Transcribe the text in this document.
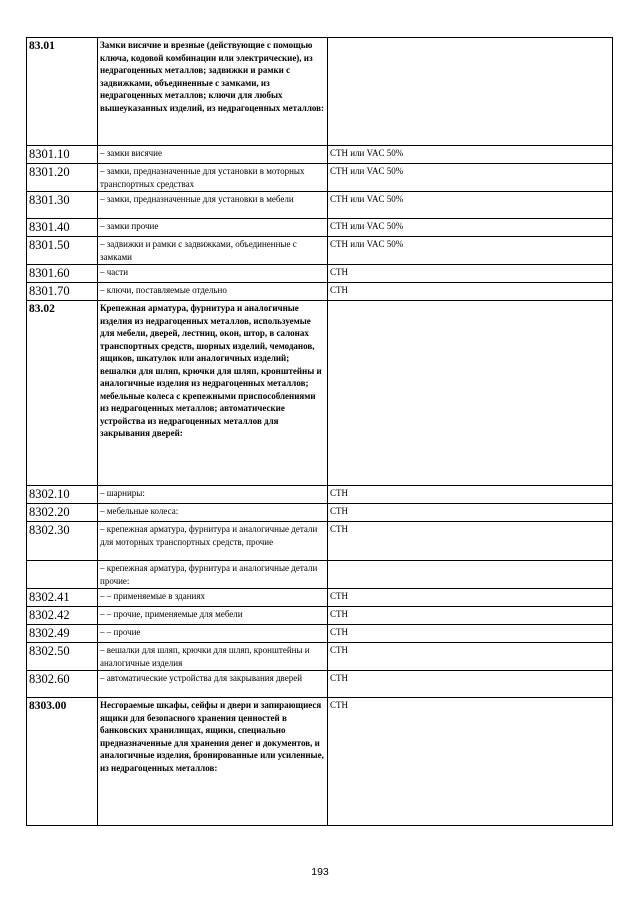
83.01	Замки висячие и врезные (действующие с помощью ключа, кодовой комбинации или электрические), из недрагоценных металлов; задвижки и рамки с задвижками, объединенные с замками, из недрагоценных металлов; ключи для любых вышеуказанных изделий, из недрагоценных металлов:	
8301.10	– замки висячие	СТН или VAC 50%
8301.20	– замки, предназначенные для установки в моторных транспортных средствах	СТН или VAC 50%
8301.30	– замки, предназначенные для установки в мебели	СТН или VAC 50%
8301.40	– замки прочие	СТН или VAC 50%
8301.50	– задвижки и рамки с задвижками, объединенные с замками	СТН или VAC 50%
8301.60	– части	СТН
8301.70	– ключи, поставляемые отдельно	СТН
83.02	Крепежная арматура, фурнитура и аналогичные изделия из недрагоценных металлов, используемые для мебели, дверей, лестниц, окон, штор, в салонах транспортных средств, шорных изделий, чемоданов, ящиков, шкатулок или аналогичных изделий; вешалки для шляп, крючки для шляп, кронштейны и аналогичные изделия из недрагоценных металлов; мебельные колеса с крепежными приспособлениями из недрагоценных металлов; автоматические устройства из недрагоценных металлов для закрывания дверей:	
8302.10	– шарниры:	СТН
8302.20	– мебельные колеса:	СТН
8302.30	– крепежная арматура, фурнитура и аналогичные детали для моторных транспортных средств, прочие	СТН
	– крепежная арматура, фурнитура и аналогичные детали прочие:	
8302.41	– – применяемые в зданиях	СТН
8302.42	– – прочие, применяемые для мебели	СТН
8302.49	– – прочие	СТН
8302.50	– вешалки для шляп, крючки для шляп, кронштейны и аналогичные изделия	СТН
8302.60	– автоматические устройства для закрывания дверей	СТН
8303.00	Несгораемые шкафы, сейфы и двери и запирающиеся ящики для безопасного хранения ценностей в банковских хранилищах, ящики, специально предназначенные для хранения денег и документов, и аналогичные изделия, бронированные или усиленные, из недрагоценных металлов:	СТН
193
